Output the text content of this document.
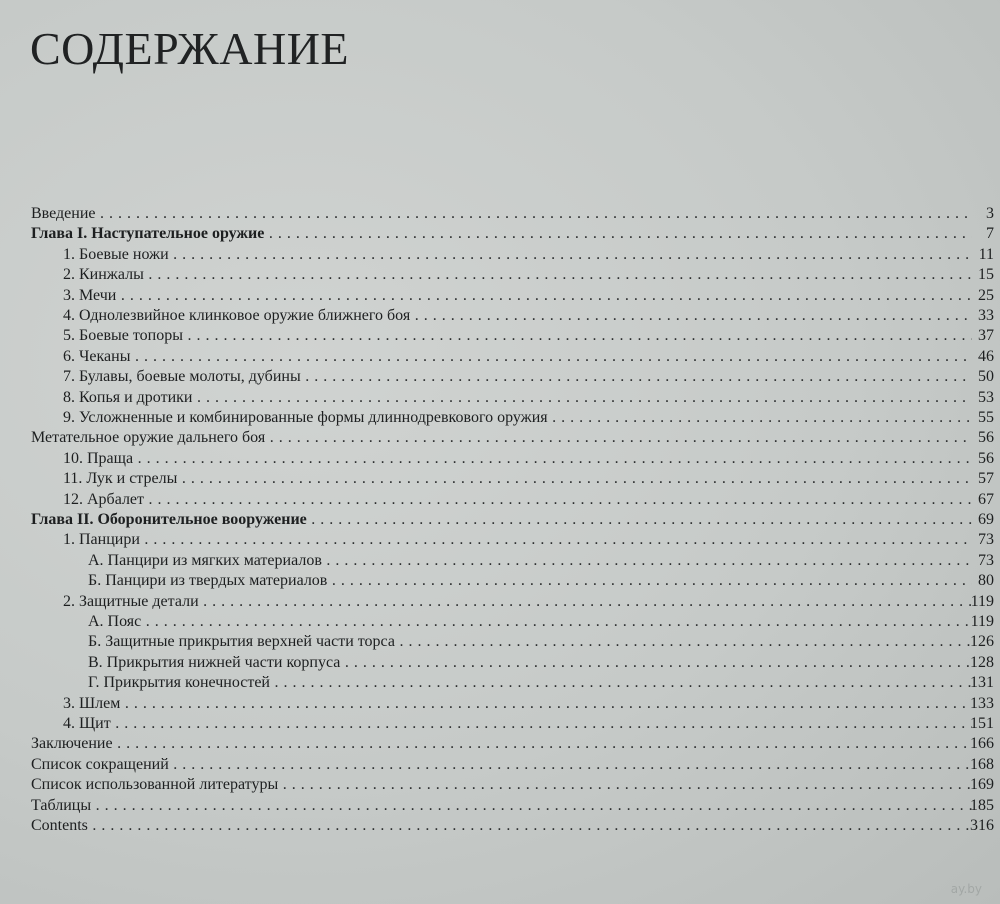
СОДЕРЖАНИЕ
Введение . . .	3
Глава I. Наступательное оружие . . .	7
1. Боевые ножи . . .	11
2. Кинжалы . . .	15
3. Мечи . . .	25
4. Однолезвийное клинковое оружие ближнего боя . . .	33
5. Боевые топоры . . .	37
6. Чеканы . . .	46
7. Булавы, боевые молоты, дубины . . .	50
8. Копья и дротики . . .	53
9. Усложненные и комбинированные формы длиннодревкового оружия . . .	55
Метательное оружие дальнего боя . . .	56
10. Праща . . .	56
11. Лук и стрелы . . .	57
12. Арбалет . . .	67
Глава II. Оборонительное вооружение . . .	69
1. Панцири . . .	73
А. Панцири из мягких материалов . . .	73
Б. Панцири из твердых материалов . . .	80
2. Защитные детали . . .	119
А. Пояс . . .	119
Б. Защитные прикрытия верхней части торса . . .	126
В. Прикрытия нижней части корпуса . . .	128
Г. Прикрытия конечностей . . .	131
3. Шлем . . .	133
4. Щит . . .	151
Заключение . . .	166
Список сокращений . . .	168
Список использованной литературы . . .	169
Таблицы . . .	185
Contents . . .	316
ay.by
